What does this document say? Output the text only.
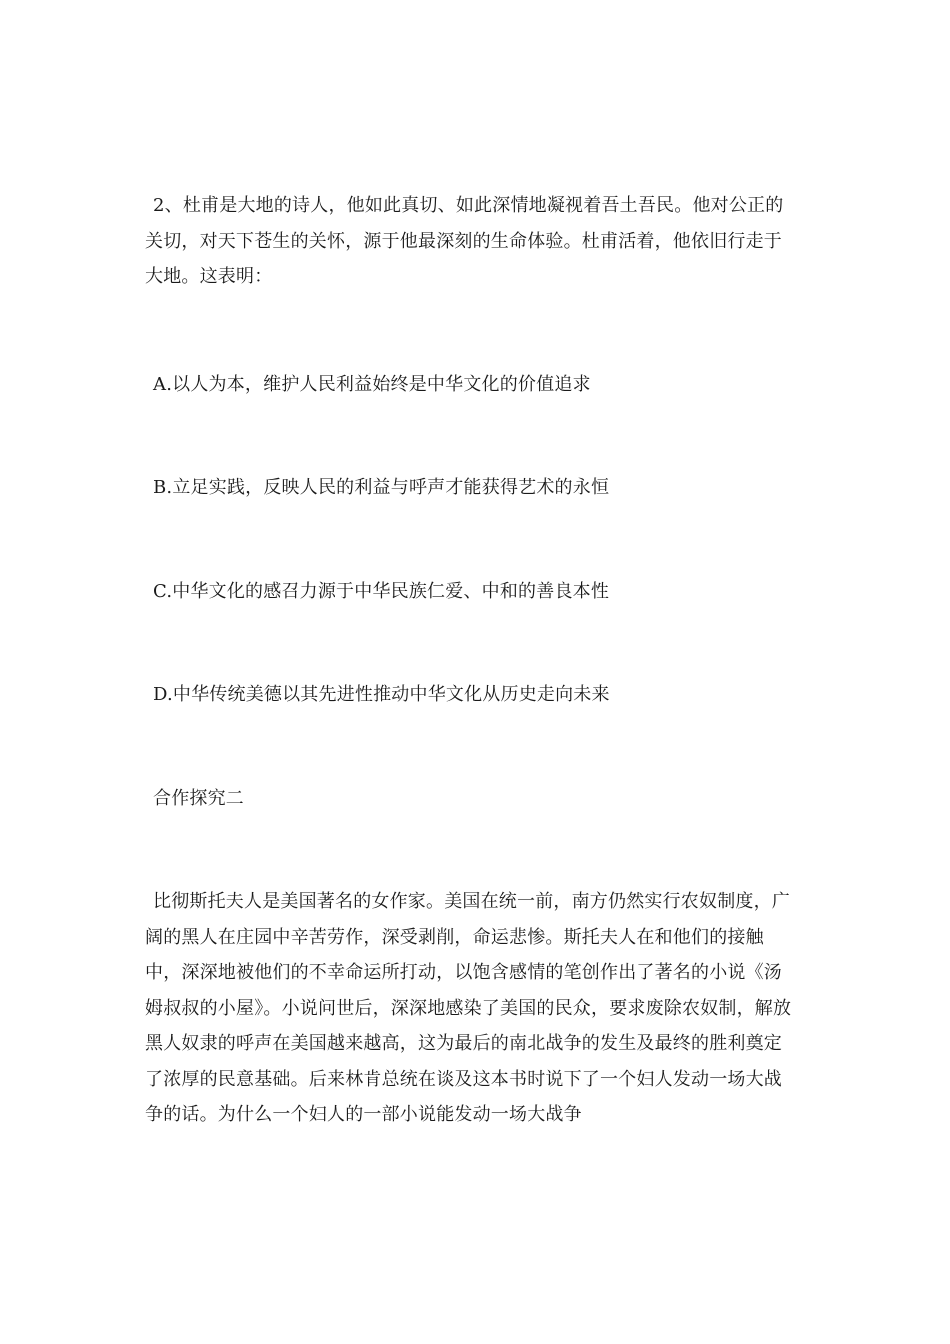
2、杜甫是大地的诗人，他如此真切、如此深情地凝视着吾土吾民。他对公正的关切，对天下苍生的关怀，源于他最深刻的生命体验。杜甫活着，他依旧行走于大地。这表明：

A.以人为本，维护人民利益始终是中华文化的价值追求

B.立足实践，反映人民的利益与呼声才能获得艺术的永恒

C.中华文化的感召力源于中华民族仁爱、中和的善良本性

D.中华传统美德以其先进性推动中华文化从历史走向未来

合作探究二

比彻斯托夫人是美国著名的女作家。美国在统一前，南方仍然实行农奴制度，广阔的黑人在庄园中辛苦劳作，深受剥削，命运悲惨。斯托夫人在和他们的接触中，深深地被他们的不幸命运所打动，以饱含感情的笔创作出了著名的小说《汤姆叔叔的小屋》。小说问世后，深深地感染了美国的民众，要求废除农奴制，解放黑人奴隶的呼声在美国越来越高，这为最后的南北战争的发生及最终的胜利奠定了浓厚的民意基础。后来林肯总统在谈及这本书时说下了一个妇人发动一场大战争的话。为什么一个妇人的一部小说能发动一场大战争
